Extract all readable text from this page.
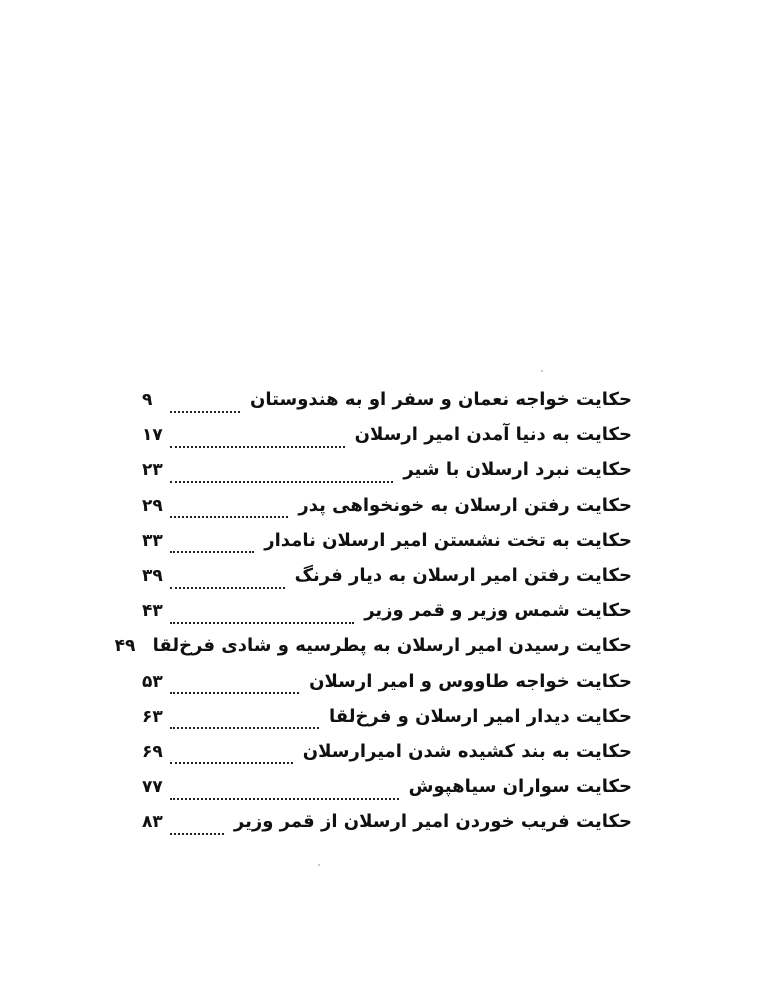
حکایت خواجه نعمان و سفر او به هندوستان
۹
حکایت به دنیا آمدن امیر ارسلان
۱۷
حکایت نبرد ارسلان با شیر
۲۳
حکایت رفتن ارسلان به خونخواهی پدر
۲۹
حکایت به تخت نشستن امیر ارسلان نامدار
۳۳
حکایت رفتن امیر ارسلان به دیار فرنگ
۳۹
حکایت شمس وزیر و قمر وزیر
۴۳
حکایت رسیدن امیر ارسلان به پطرسیه و شادی فرخ‌لقا
۴۹
حکایت خواجه طاووس و امیر ارسلان
۵۳
حکایت دیدار امیر ارسلان و فرخ‌لقا
۶۳
حکایت به بند کشیده شدن امیرارسلان
۶۹
حکایت سواران سیاهپوش
۷۷
حکایت فریب خوردن امیر ارسلان از قمر وزیر
۸۳
